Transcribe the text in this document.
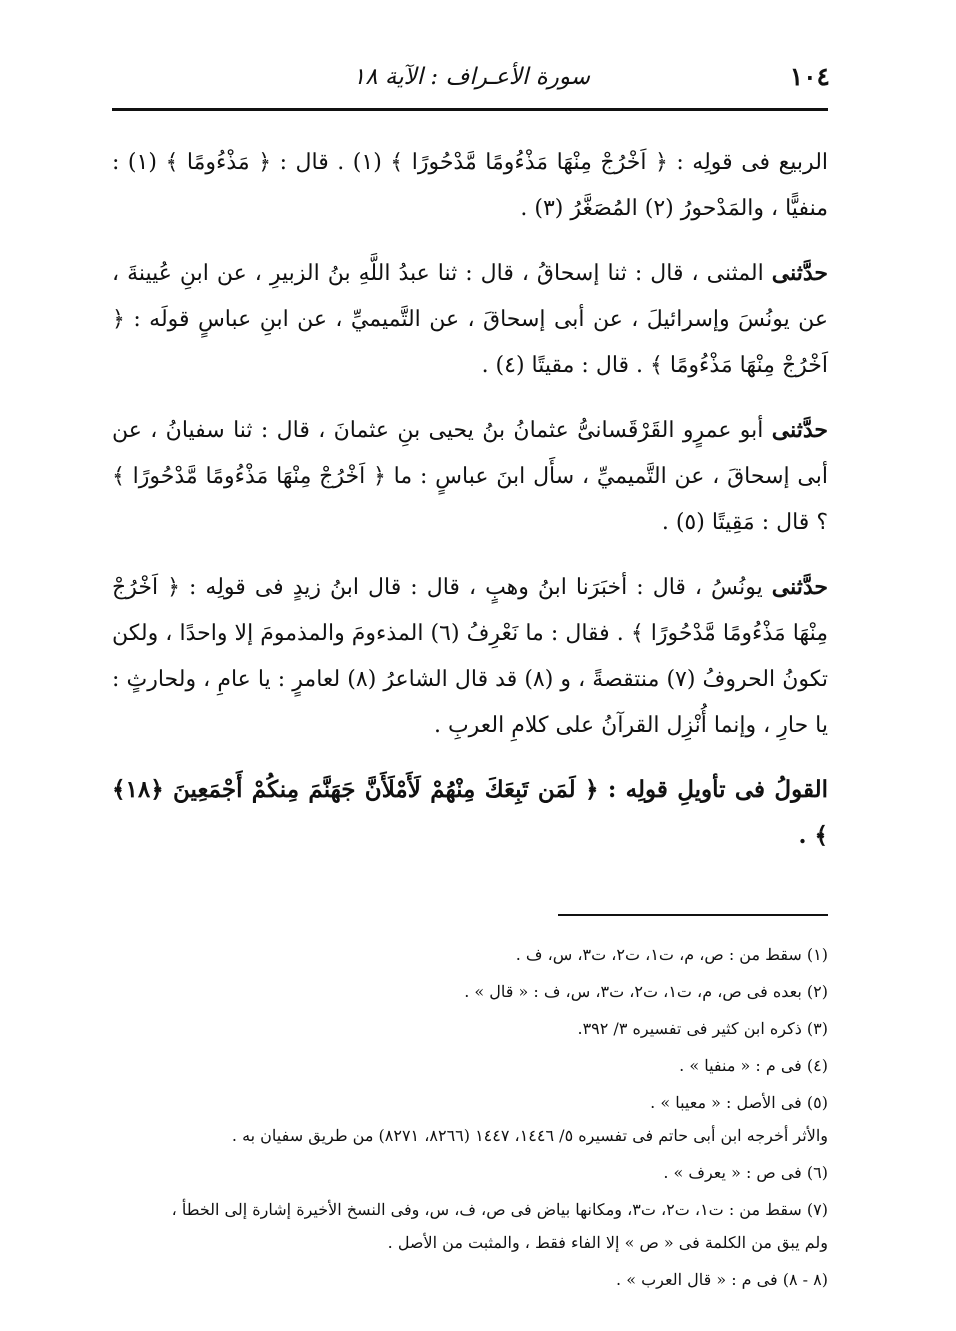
١٠٤
سورة الأعـراف : الآية ١٨

الربيع فى قولِه : ﴿ اَخْرُجْ مِنْهَا مَذْءُومًا مَّدْحُورًا ﴾ (١) . قال : ﴿ مَذْءُومًا ﴾ (١) : منفيًّا ، والمَدْحورُ (٢) المُصَغَّرُ (٣) .

حدَّثنى المثنى ، قال : ثنا إسحاقُ ، قال : ثنا عبدُ اللَّهِ بنُ الزبيرِ ، عن ابنِ عُيينةَ ، عن يونُسَ وإسرائيلَ ، عن أبى إسحاقَ ، عن التَّميميِّ ، عن ابنِ عباسٍ قولَه : ﴿ اَخْرُجْ مِنْهَا مَذْءُومًا ﴾ . قال : مقيتًا (٤) .

حدَّثنى أبو عمرٍو القَرْقَسانىُّ عثمانُ بنُ يحيى بنِ عثمانَ ، قال : ثنا سفيانُ ، عن أبى إسحاقَ ، عن التَّميميِّ ، سأَل ابنَ عباسٍ : ما ﴿ اَخْرُجْ مِنْهَا مَذْءُومًا مَّدْحُورًا ﴾ ؟ قال : مَقِيتًا (٥) .

حدَّثنى يونُسُ ، قال : أخبَرَنا ابنُ وهبٍ ، قال : قال ابنُ زيدٍ فى قولِه : ﴿ اَخْرُجْ مِنْهَا مَذْءُومًا مَّدْحُورًا ﴾ . فقال : ما نَعْرِفُ (٦) المذءومَ والمذمومَ إلا واحدًا ، ولكن تكونُ الحروفُ (٧) منتقصةً ، و (٨) قد قال الشاعرُ (٨) لعامرٍ : يا عامِ ، ولحارثٍ : يا حارِ ، وإنما أُنْزِل القرآنُ على كلامِ العربِ .

القولُ فى تأويلِ قولِه : ﴿ لَمَن تَبِعَكَ مِنْهُمْ لَأَمْلَأَنَّ جَهَنَّمَ مِنكُمْ أَجْمَعِينَ ﴿١٨﴾ ﴾ .

(١) سقط من : ص، م، ت١، ت٢، ت٣، س، ف .

(٢) بعده فى ص، م، ت١، ت٢، ت٣، س، ف : « قال » .

(٣) ذكره ابن كثير فى تفسيره ٣/ ٣٩٢.

(٤) فى م : « منفيا » .

(٥) فى الأصل : « معيبا » .

والأثر أخرجه ابن أبى حاتم فى تفسيره ٥/ ١٤٤٦، ١٤٤٧ (٨٢٦٦، ٨٢٧١) من طريق سفيان به .

(٦) فى ص : « يعرف » .

(٧) سقط من : ت١، ت٢، ت٣، ومكانها بياض فى ص، ف، س، وفى النسخ الأخيرة إشارة إلى الخطأ ،

ولم يبق من الكلمة فى « ص » إلا الفاء فقط ، والمثبت من الأصل .

(٨ - ٨) فى م : « قال العرب » .
